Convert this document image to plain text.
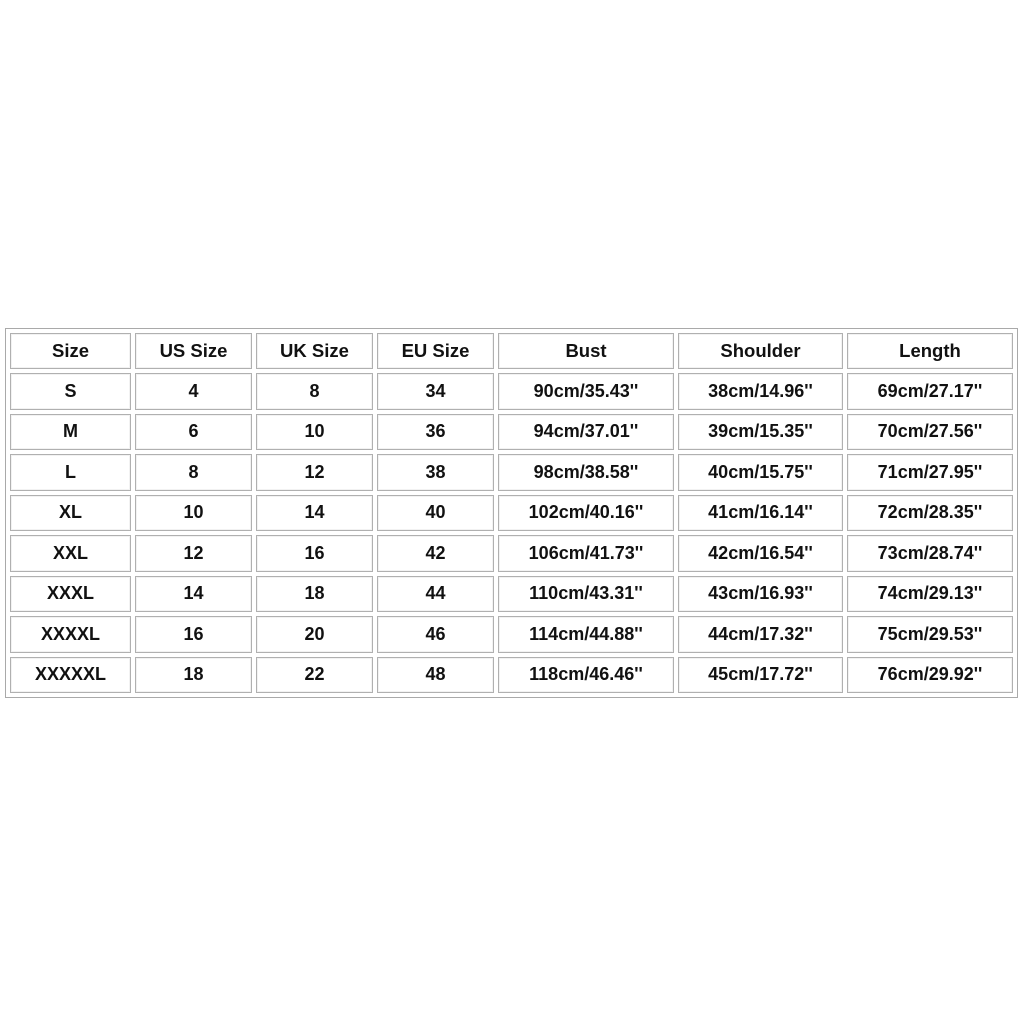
Size	US Size	UK Size	EU Size	Bust	Shoulder	Length
S	4	8	34	90cm/35.43''	38cm/14.96''	69cm/27.17''
M	6	10	36	94cm/37.01''	39cm/15.35''	70cm/27.56''
L	8	12	38	98cm/38.58''	40cm/15.75''	71cm/27.95''
XL	10	14	40	102cm/40.16''	41cm/16.14''	72cm/28.35''
XXL	12	16	42	106cm/41.73''	42cm/16.54''	73cm/28.74''
XXXL	14	18	44	110cm/43.31''	43cm/16.93''	74cm/29.13''
XXXXL	16	20	46	114cm/44.88''	44cm/17.32''	75cm/29.53''
XXXXXL	18	22	48	118cm/46.46''	45cm/17.72''	76cm/29.92''
